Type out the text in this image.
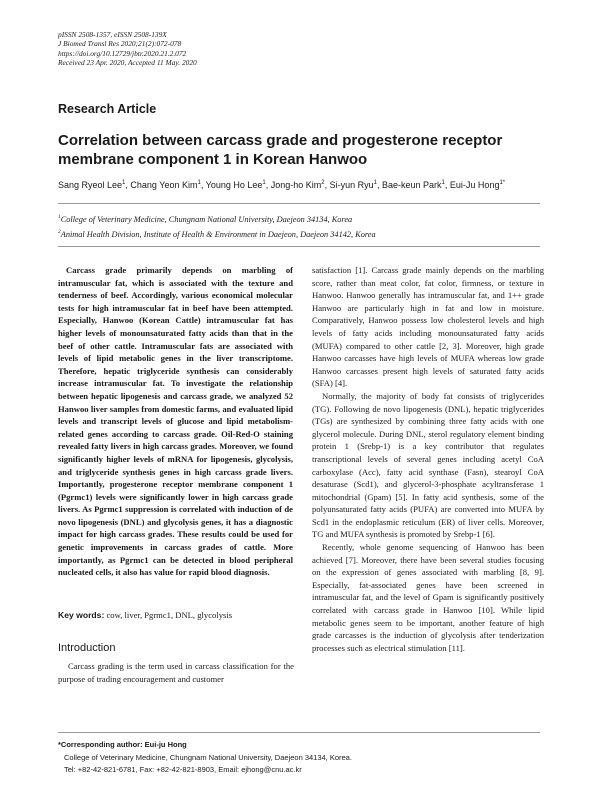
pISSN 2508-1357, eISSN 2508-139X
J Biomed Transl Res 2020;21(2):072-078
https://doi.org/10.12729/jbtr.2020.21.2.072
Received 23 Apr. 2020, Accepted 11 May. 2020
Research Article
Correlation between carcass grade and progesterone receptor membrane component 1 in Korean Hanwoo
Sang Ryeol Lee$^1$, Chang Yeon Kim$^1$, Young Ho Lee$^1$, Jong-ho Kim$^2$, Si-yun Ryu$^1$, Bae-keun Park$^1$, Eui-Ju Hong$^{1*}$
$^1$College of Veterinary Medicine, Chungnam National University, Daejeon 34134, Korea
$^2$Animal Health Division, Institute of Health & Environment in Daejeon, Daejeon 34142, Korea

Carcass grade primarily depends on marbling of intramuscular fat, which is associated with the texture and tenderness of beef. Accordingly, various economical molecular tests for high intramuscular fat in beef have been attempted. Especially, Hanwoo (Korean Cattle) intramuscular fat has higher levels of monounsaturated fatty acids than that in the beef of other cattle. Intramuscular fats are associated with levels of lipid metabolic genes in the liver transcriptome. Therefore, hepatic triglyceride synthesis can considerably increase intramuscular fat. To investigate the relationship between hepatic lipogenesis and carcass grade, we analyzed 52 Hanwoo liver samples from domestic farms, and evaluated lipid levels and transcript levels of glucose and lipid metabolism-related genes according to carcass grade. Oil-Red-O staining revealed fatty livers in high carcass grades. Moreover, we found significantly higher levels of mRNA for lipogenesis, glycolysis, and triglyceride synthesis genes in high carcass grade livers. Importantly, progesterone receptor membrane component 1 (Pgrmc1) levels were significantly lower in high carcass grade livers. As Pgrmc1 suppression is correlated with induction of de novo lipogenesis (DNL) and glycolysis genes, it has a diagnostic impact for high carcass grades. These results could be used for genetic improvements in carcass grades of cattle. More importantly, as Pgrmc1 can be detected in blood peripheral nucleated cells, it also has value for rapid blood diagnosis.

Key words: cow, liver, Pgrmc1, DNL, glycolysis
Introduction

Carcass grading is the term used in carcass classification for the purpose of trading encouragement and customer

satisfaction [1]. Carcass grade mainly depends on the marbling score, rather than meat color, fat color, firmness, or texture in Hanwoo. Hanwoo generally has intramuscular fat, and 1++ grade Hanwoo are particularly high in fat and low in moisture. Comparatively, Hanwoo possess low cholesterol levels and high levels of fatty acids including monounsaturated fatty acids (MUFA) compared to other cattle [2, 3]. Moreover, high grade Hanwoo carcasses have high levels of MUFA whereas low grade Hanwoo carcasses present high levels of saturated fatty acids (SFA) [4].

Normally, the majority of body fat consists of triglycerides (TG). Following de novo lipogenesis (DNL), hepatic triglycerides (TGs) are synthesized by combining three fatty acids with one glycerol molecule. During DNL, sterol regulatory element binding protein 1 (Srebp-1) is a key contributor that regulates transcriptional levels of several genes including acetyl CoA carboxylase (Acc), fatty acid synthase (Fasn), stearoyl CoA desaturase (Scd1), and glycerol-3-phosphate acyltransferase 1 mitochondrial (Gpam) [5]. In fatty acid synthesis, some of the polyunsaturated fatty acids (PUFA) are converted into MUFA by Scd1 in the endoplasmic reticulum (ER) of liver cells. Moreover, TG and MUFA synthesis is promoted by Srebp-1 [6].

Recently, whole genome sequencing of Hanwoo has been achieved [7]. Moreover, there have been several studies focusing on the expression of genes associated with marbling [8, 9]. Especially, fat-associated genes have been screened in intramuscular fat, and the level of Gpam is significantly positively correlated with carcass grade in Hanwoo [10]. While lipid metabolic genes seem to be important, another feature of high grade carcasses is the induction of glycolysis after tenderization processes such as electrical stimulation [11].

*Corresponding author: Eui-ju Hong
College of Veterinary Medicine, Chungnam National University, Daejeon 34134, Korea.
Tel: +82-42-821-6781, Fax: +82-42-821-8903, Email: ejhong@cnu.ac.kr
